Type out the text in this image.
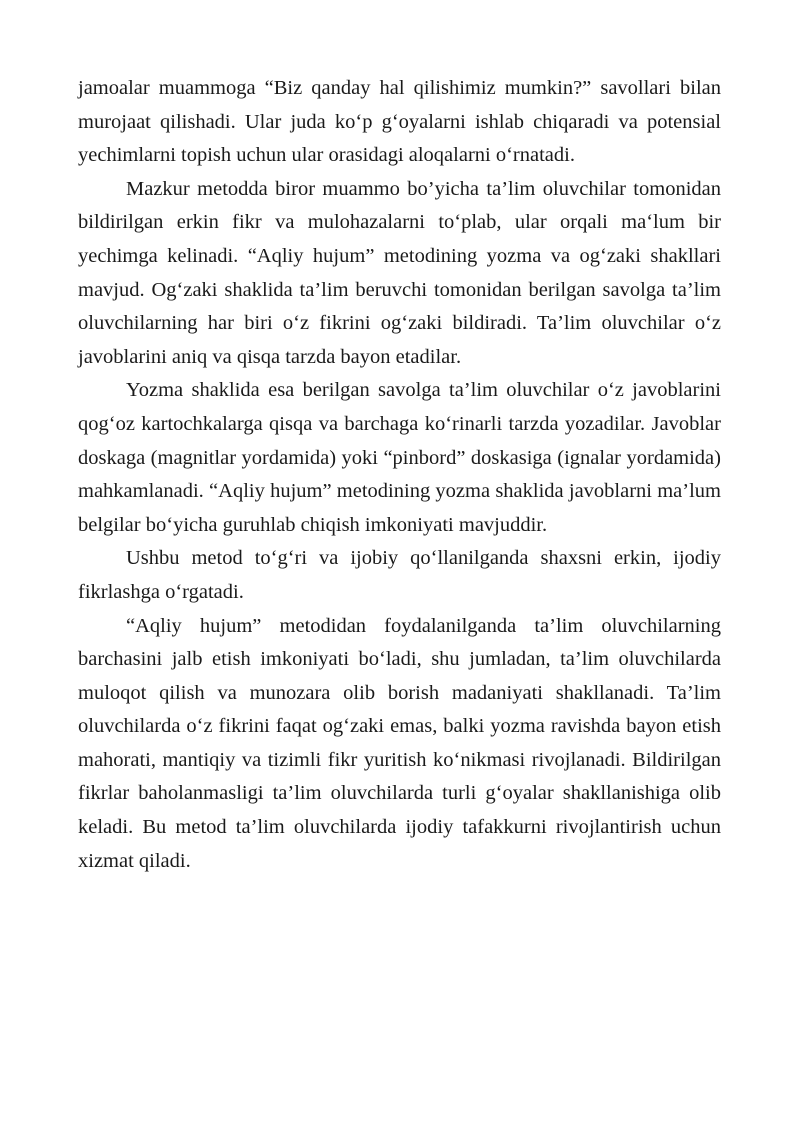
jamoalar muammoga “Biz qanday hal qilishimiz mumkin?” savollari bilan murojaat qilishadi. Ular juda ko‘p g‘oyalarni ishlab chiqaradi va potensial yechimlarni topish uchun ular orasidagi aloqalarni o‘rnatadi.

Mazkur metodda biror muammo bo’yicha ta’lim oluvchilar tomonidan bildirilgan erkin fikr va mulohazalarni to‘plab, ular orqali ma‘lum bir yechimga kelinadi. “Aqliy hujum” metodining yozma va og‘zaki shakllari mavjud. Og‘zaki shaklida ta’lim beruvchi tomonidan berilgan savolga ta’lim oluvchilarning har biri o‘z fikrini og‘zaki bildiradi. Ta’lim oluvchilar o‘z javoblarini aniq va qisqa tarzda bayon etadilar.

Yozma shaklida esa berilgan savolga ta’lim oluvchilar o‘z javoblarini qog‘oz kartochkalarga qisqa va barchaga ko‘rinarli tarzda yozadilar. Javoblar doskaga (magnitlar yordamida) yoki “pinbord” doskasiga (ignalar yordamida) mahkamlanadi. “Aqliy hujum” metodining yozma shaklida javoblarni ma’lum belgilar bo‘yicha guruhlab chiqish imkoniyati mavjuddir.

Ushbu metod to‘g‘ri va ijobiy qo‘llanilganda shaxsni erkin, ijodiy fikrlashga o‘rgatadi.

“Aqliy hujum” metodidan foydalanilganda ta’lim oluvchilarning barchasini jalb etish imkoniyati bo‘ladi, shu jumladan, ta’lim oluvchilarda muloqot qilish va munozara olib borish madaniyati shakllanadi. Ta’lim oluvchilarda o‘z fikrini faqat og‘zaki emas, balki yozma ravishda bayon etish mahorati, mantiqiy va tizimli fikr yuritish ko‘nikmasi rivojlanadi. Bildirilgan fikrlar baholanmasligi ta’lim oluvchilarda turli g‘oyalar shakllanishiga olib keladi. Bu metod ta’lim oluvchilarda ijodiy tafakkurni rivojlantirish uchun xizmat qiladi.
